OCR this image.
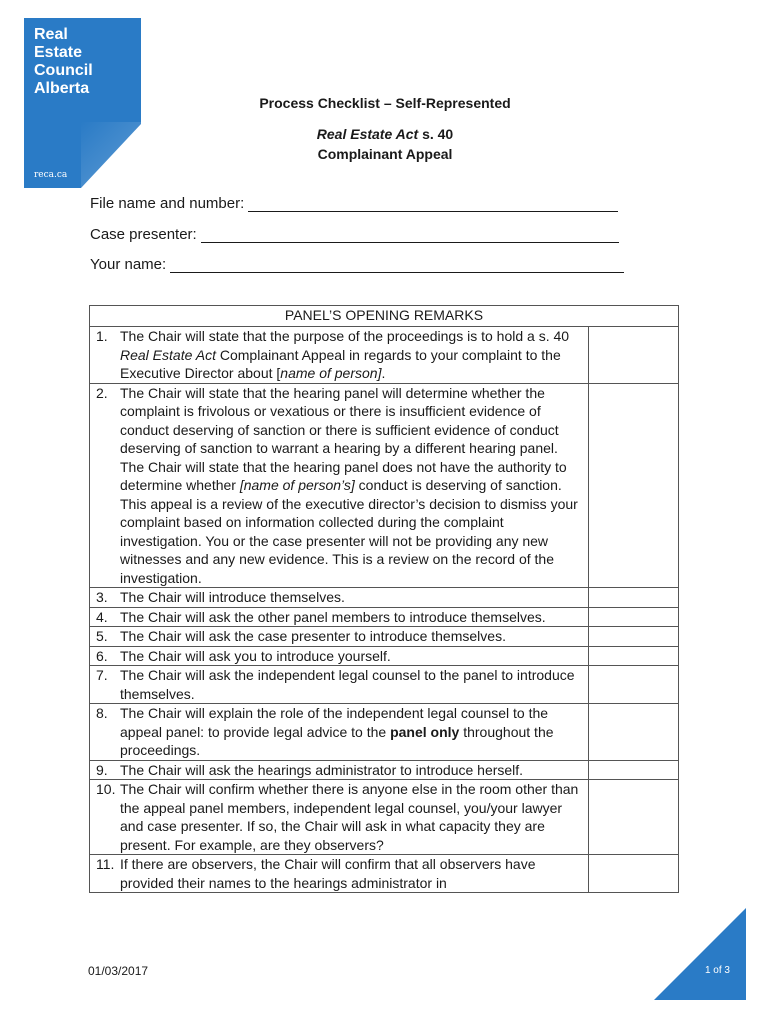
Real
Estate
Council
Alberta
reca.ca
Process Checklist – Self-Represented
Real Estate Act s. 40
Complainant Appeal
File name and number:
Case presenter:
Your name:
PANEL’S OPENING REMARKS	

1. The Chair will state that the purpose of the proceedings is to hold a s. 40 Real Estate Act Complainant Appeal in regards to your complaint to the Executive Director about [name of person].	

2. The Chair will state that the hearing panel will determine whether the complaint is frivolous or vexatious or there is insufficient evidence of conduct deserving of sanction or there is sufficient evidence of conduct deserving of sanction to warrant a hearing by a different hearing panel. The Chair will state that the hearing panel does not have the authority to determine whether [name of person’s] conduct is deserving of sanction. This appeal is a review of the executive director’s decision to dismiss your complaint based on information collected during the complaint investigation. You or the case presenter will not be providing any new witnesses and any new evidence. This is a review on the record of the investigation.	

3. The Chair will introduce themselves.	

4. The Chair will ask the other panel members to introduce themselves.	

5. The Chair will ask the case presenter to introduce themselves.	

6. The Chair will ask you to introduce yourself.	

7. The Chair will ask the independent legal counsel to the panel to introduce themselves.	

8. The Chair will explain the role of the independent legal counsel to the appeal panel: to provide legal advice to the panel only throughout the proceedings.	

9. The Chair will ask the hearings administrator to introduce herself.	

10. The Chair will confirm whether there is anyone else in the room other than the appeal panel members, independent legal counsel, you/your lawyer and case presenter. If so, the Chair will ask in what capacity they are present. For example, are they observers?	

11. If there are observers, the Chair will confirm that all observers have provided their names to the hearings administrator in	
01/03/2017	1 of 3
